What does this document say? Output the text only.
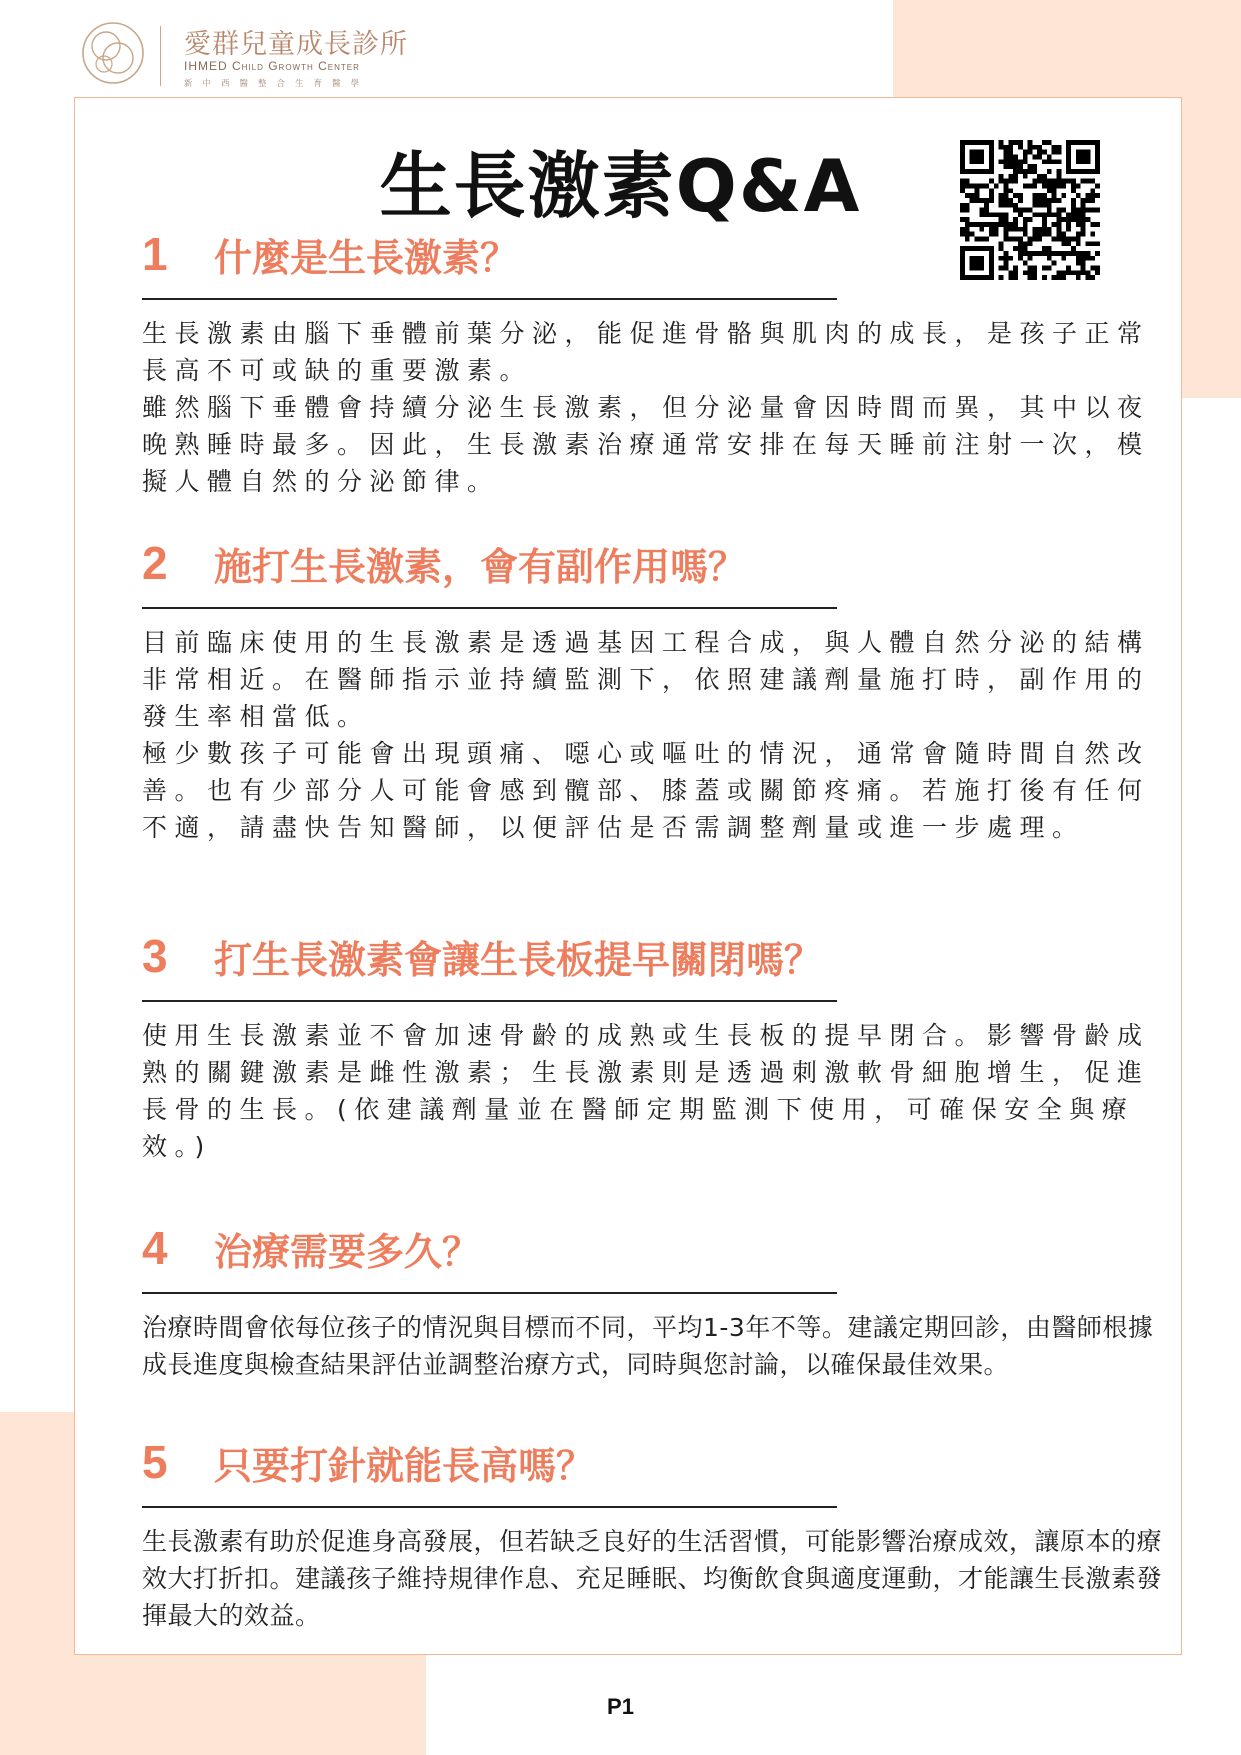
愛群兒童成長診所
IHMED Child Growth Center
新中西醫整合生育醫學
生長激素Q&A
1 什麼是生長激素？

生長激素由腦下垂體前葉分泌，能促進骨骼與肌肉的成長，是孩子正常長高不可或缺的重要激素。

雖然腦下垂體會持續分泌生長激素，但分泌量會因時間而異，其中以夜晚熟睡時最多。因此，生長激素治療通常安排在每天睡前注射一次，模擬人體自然的分泌節律。

2 施打生長激素，會有副作用嗎？

目前臨床使用的生長激素是透過基因工程合成，與人體自然分泌的結構非常相近。在醫師指示並持續監測下，依照建議劑量施打時，副作用的發生率相當低。

極少數孩子可能會出現頭痛、噁心或嘔吐的情況，通常會隨時間自然改善。也有少部分人可能會感到髖部、膝蓋或關節疼痛。若施打後有任何不適，請盡快告知醫師，以便評估是否需調整劑量或進一步處理。

3 打生長激素會讓生長板提早關閉嗎？

使用生長激素並不會加速骨齡的成熟或生長板的提早閉合。影響骨齡成熟的關鍵激素是雌性激素；生長激素則是透過刺激軟骨細胞增生，促進長骨的生長。(依建議劑量並在醫師定期監測下使用，可確保安全與療效。)

4 治療需要多久？

治療時間會依每位孩子的情況與目標而不同，平均1-3年不等。建議定期回診，由醫師根據成長進度與檢查結果評估並調整治療方式，同時與您討論，以確保最佳效果。

5 只要打針就能長高嗎？

生長激素有助於促進身高發展，但若缺乏良好的生活習慣，可能影響治療成效，讓原本的療效大打折扣。建議孩子維持規律作息、充足睡眠、均衡飲食與適度運動，才能讓生長激素發揮最大的效益。

P1
